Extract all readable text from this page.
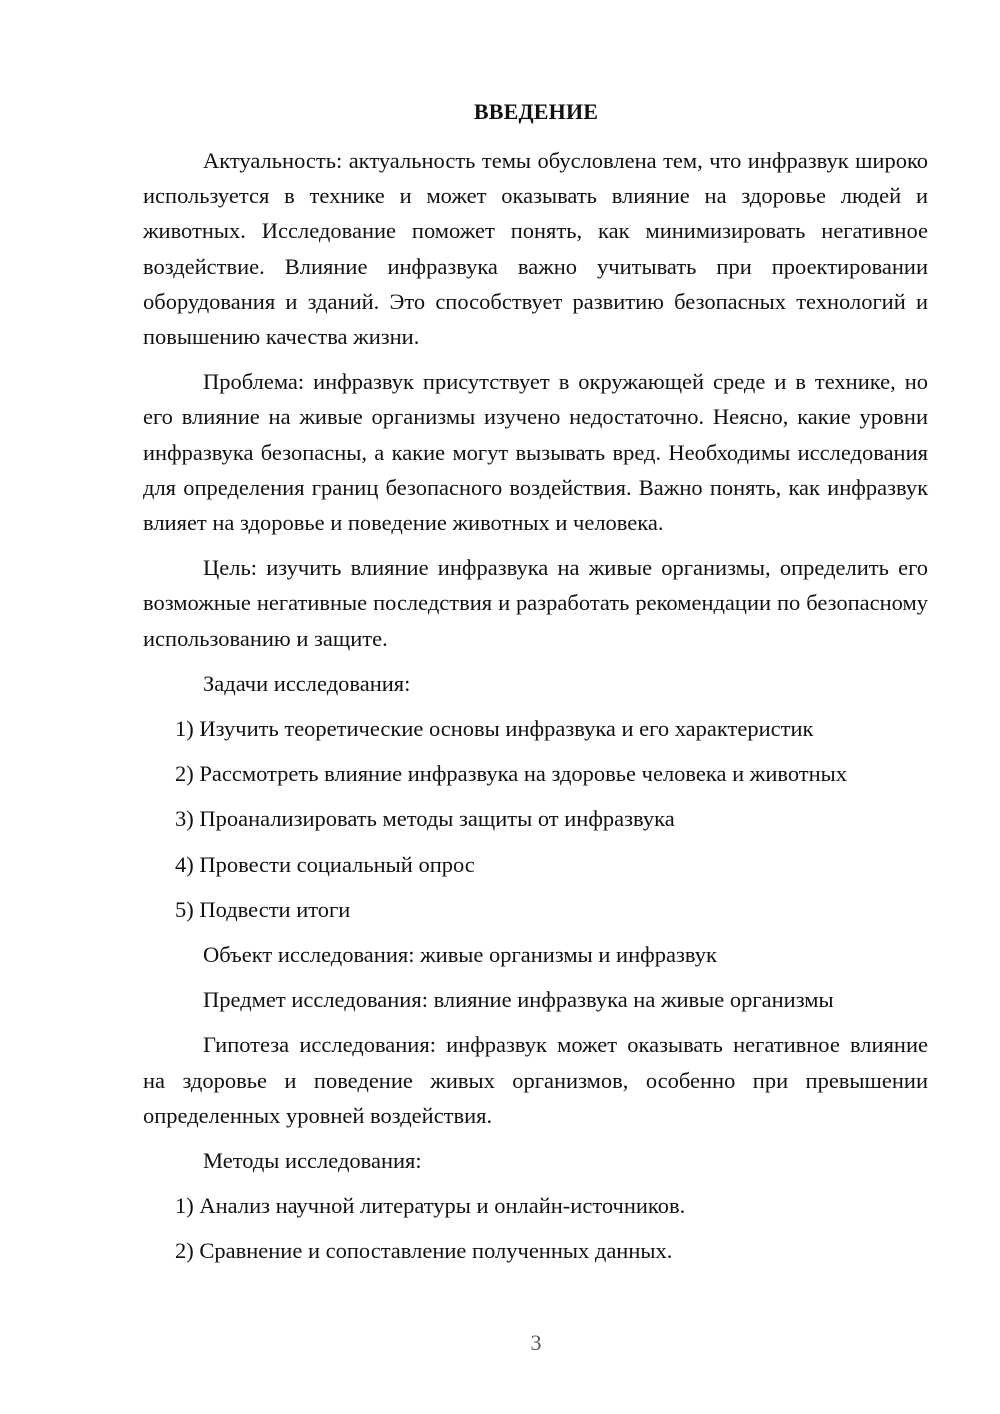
ВВЕДЕНИЕ

Актуальность: актуальность темы обусловлена тем, что инфразвук широко используется в технике и может оказывать влияние на здоровье людей и животных. Исследование поможет понять, как минимизировать негативное воздействие. Влияние инфразвука важно учитывать при проектировании оборудования и зданий. Это способствует развитию безопасных технологий и повышению качества жизни.

Проблема: инфразвук присутствует в окружающей среде и в технике, но его влияние на живые организмы изучено недостаточно. Неясно, какие уровни инфразвука безопасны, а какие могут вызывать вред. Необходимы исследования для определения границ безопасного воздействия. Важно понять, как инфразвук влияет на здоровье и поведение животных и человека.

Цель: изучить влияние инфразвука на живые организмы, определить его возможные негативные последствия и разработать рекомендации по безопасному использованию и защите.

Задачи исследования:
1) Изучить теоретические основы инфразвука и его характеристик
2) Рассмотреть влияние инфразвука на здоровье человека и животных
3) Проанализировать методы защиты от инфразвука
4) Провести социальный опрос
5) Подвести итоги
Объект исследования: живые организмы и инфразвук
Предмет исследования: влияние инфразвука на живые организмы

Гипотеза исследования: инфразвук может оказывать негативное влияние на здоровье и поведение живых организмов, особенно при превышении определенных уровней воздействия.

Методы исследования:
1) Анализ научной литературы и онлайн-источников.
2) Сравнение и сопоставление полученных данных.
3
